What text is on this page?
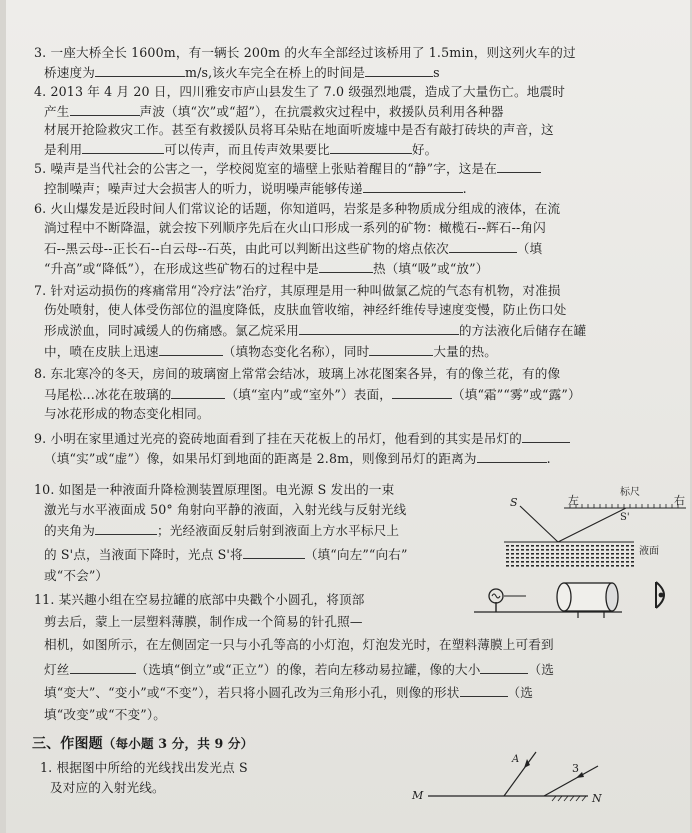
3. 一座大桥全长 1600m，有一辆长 200m 的火车全部经过该桥用了 1.5min，则这列火车的过
桥速度为	m/s,该火车完全在桥上的时间是	s
4. 2013 年 4 月 20 日，四川雅安市庐山县发生了 7.0 级强烈地震，造成了大量伤亡。地震时
产生	声波（填“次”或“超”），在抗震救灾过程中，救援队员利用各种器
材展开抢险救灾工作。甚至有救援队员将耳朵贴在地面听废墟中是否有敲打砖块的声音，这
是利用	可以传声，而且传声效果要比	好。
5. 噪声是当代社会的公害之一，学校阅览室的墙壁上张贴着醒目的“静”字，这是在
控制噪声；噪声过大会损害人的听力，说明噪声能够传递	.
6. 火山爆发是近段时间人们常议论的话题，你知道吗，岩浆是多种物质成分组成的液体，在流
淌过程中不断降温，就会按下列顺序先后在火山口形成一系列的矿物：橄榄石--辉石--角闪
石--黑云母--正长石--白云母--石英，由此可以判断出这些矿物的熔点依次	（填
“升高”或“降低”），在形成这些矿物石的过程中是	热（填“吸”或“放”）
7. 针对运动损伤的疼痛常用“冷疗法”治疗，其原理是用一种叫做氯乙烷的气态有机物，对准损
伤处喷射，使人体受伤部位的温度降低，皮肤血管收缩，神经纤维传导速度变慢，防止伤口处
形成淤血，同时减缓人的伤痛感。氯乙烷采用	的方法液化后储存在罐
中，喷在皮肤上迅速	（填物态变化名称），同时	大量的热。
8. 东北寒冷的冬天，房间的玻璃窗上常常会结冰，玻璃上冰花图案各异，有的像兰花，有的像
马尾松…冰花在玻璃的	（填“室内”或“室外”）表面，	（填“霜”“雾”或“露”）
与冰花形成的物态变化相同。
9. 小明在家里通过光亮的瓷砖地面看到了挂在天花板上的吊灯，他看到的其实是吊灯的
（填“实”或“虚”）像，如果吊灯到地面的距离是 2.8m，则像到吊灯的距离为	.
10. 如图是一种液面升降检测装置原理图。电光源 S 发出的一束
激光与水平液面成 50° 角射向平静的液面，入射光线与反射光线
的夹角为	；光经液面反射后射到液面上方水平标尺上
的 S'点，当液面下降时，光点 S'将	（填“向左”“向右”
或“不会”）
S	左
标尺
S'
右
液面
11. 某兴趣小组在空易拉罐的底部中央戳个小圆孔，将顶部
剪去后，蒙上一层塑料薄膜，制作成一个简易的针孔照—
相机，如图所示，在左侧固定一只与小孔等高的小灯泡，灯泡发光时，在塑料薄膜上可看到
灯丝	（选填“倒立”或“正立”）的像，若向左移动易拉罐，像的大小	（选
填“变大”、“变小”或“不变”），若只将小圆孔改为三角形小孔，则像的形状	（选
填“改变”或“不变”）。
三、作图题（每小题 3 分，共 9 分）
1. 根据图中所给的光线找出发光点 S
及对应的入射光线。
A
3
M	N
